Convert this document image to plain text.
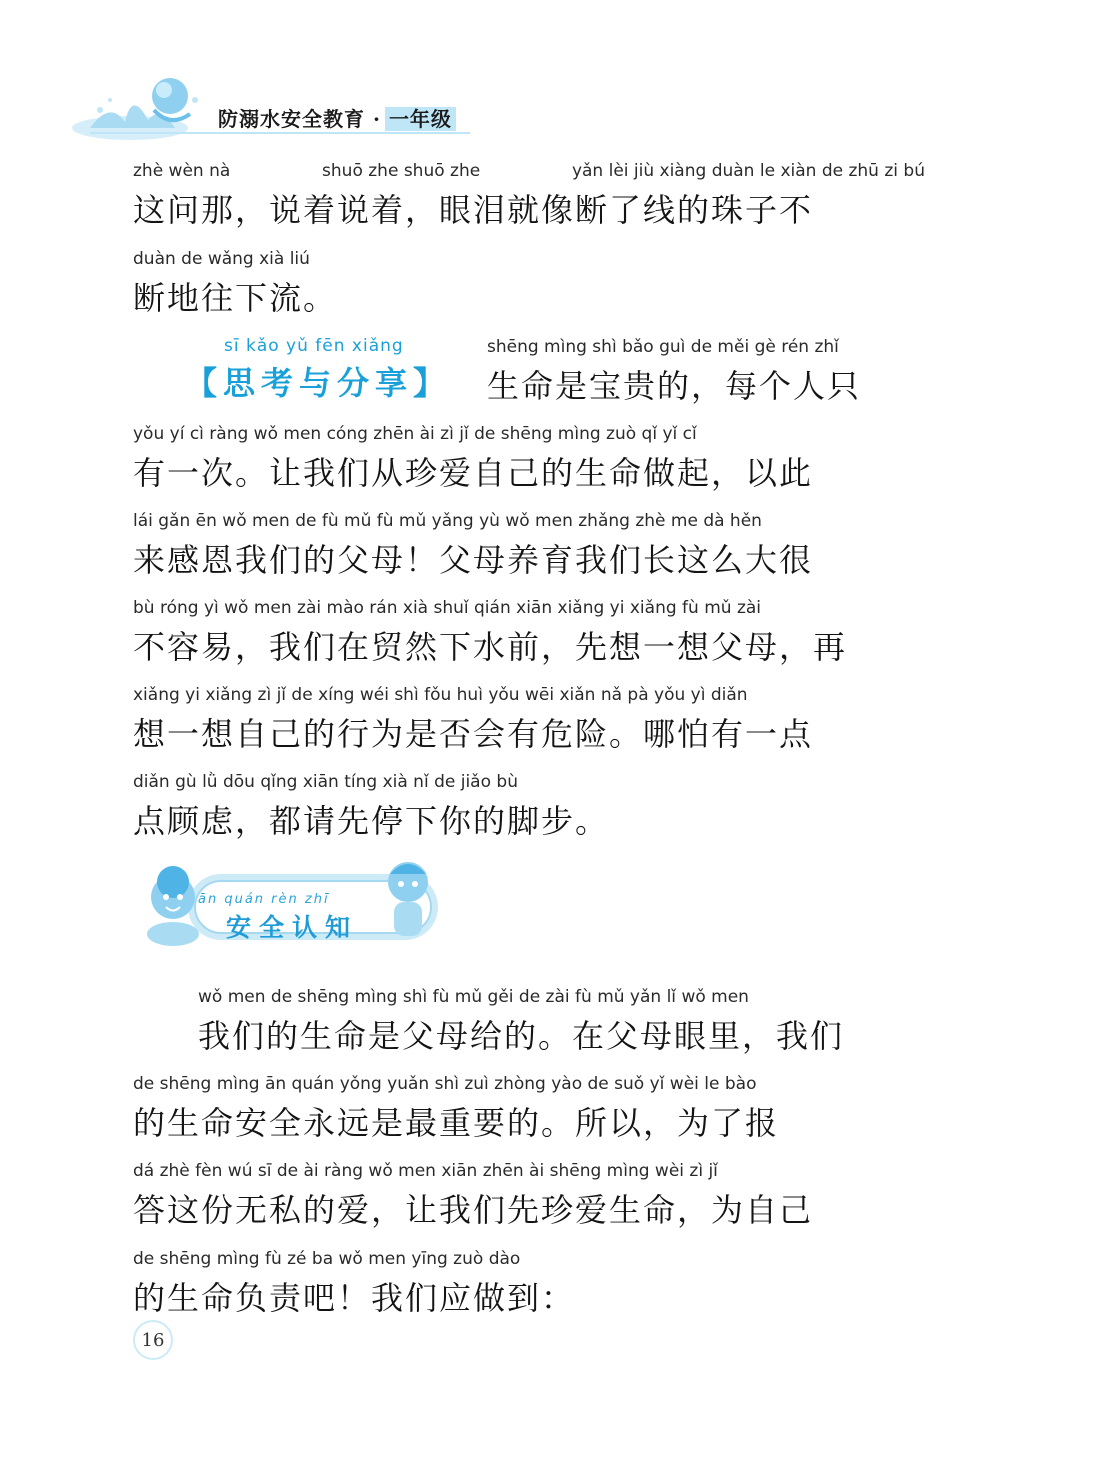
防溺水安全教育 · 一年级
zhè wèn nà	shuō zhe shuō zhe	yǎn lèi jiù xiàng duàn le xiàn de zhū zi bú
这问那，说着说着，眼泪就像断了线的珠子不
duàn de wǎng xià liú
断地往下流。
sī kǎo yǔ fēn xiǎng
【思考与分享】
shēng mìng shì bǎo guì de měi gè rén zhǐ
生命是宝贵的，每个人只
yǒu yí cì ràng wǒ men cóng zhēn ài zì jǐ de shēng mìng zuò qǐ yǐ cǐ
有一次。让我们从珍爱自己的生命做起，以此
lái gǎn ēn wǒ men de fù mǔ fù mǔ yǎng yù wǒ men zhǎng zhè me dà hěn
来感恩我们的父母！父母养育我们长这么大很
bù róng yì wǒ men zài mào rán xià shuǐ qián xiān xiǎng yi xiǎng fù mǔ zài
不容易，我们在贸然下水前，先想一想父母，再
xiǎng yi xiǎng zì jǐ de xíng wéi shì fǒu huì yǒu wēi xiǎn nǎ pà yǒu yì diǎn
想一想自己的行为是否会有危险。哪怕有一点
diǎn gù lǜ dōu qǐng xiān tíng xià nǐ de jiǎo bù
点顾虑，都请先停下你的脚步。
ān quán rèn zhī
安全认知
wǒ men de shēng mìng shì fù mǔ gěi de zài fù mǔ yǎn lǐ wǒ men
我们的生命是父母给的。在父母眼里，我们
de shēng mìng ān quán yǒng yuǎn shì zuì zhòng yào de suǒ yǐ wèi le bào
的生命安全永远是最重要的。所以，为了报
dá zhè fèn wú sī de ài ràng wǒ men xiān zhēn ài shēng mìng wèi zì jǐ
答这份无私的爱，让我们先珍爱生命，为自己
de shēng mìng fù zé ba wǒ men yīng zuò dào
的生命负责吧！我们应做到：
16
